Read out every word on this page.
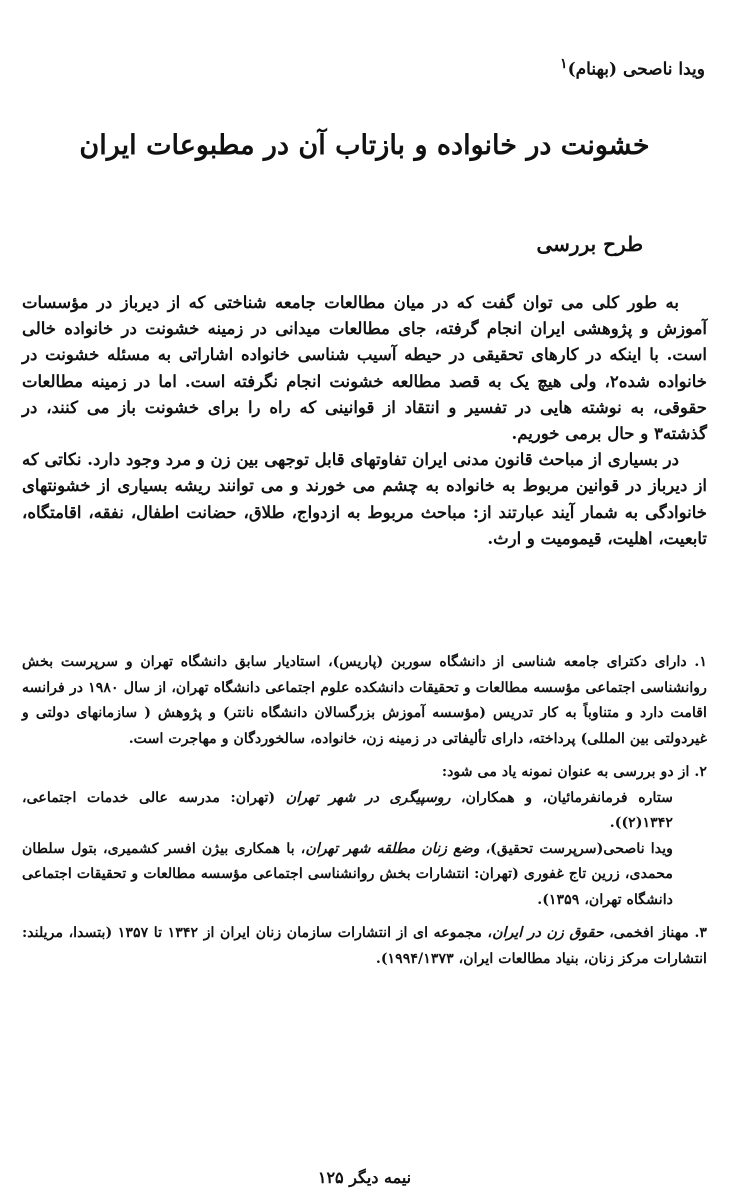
ویدا ناصحی (بهنام)$^۱$
خشونت در خانواده و بازتاب آن در مطبوعات ایران
طرح بررسی

به طور کلی می توان گفت که در میان مطالعات جامعه شناختی که از دیرباز در مؤسسات آموزش و پژوهشی ایران انجام گرفته، جای مطالعات میدانی در زمینه خشونت در خانواده خالی است. با اینکه در کارهای تحقیقی در حیطه آسیب شناسی خانواده اشاراتی به مسئله خشونت در خانواده شده۲، ولی هیچ یک به قصد مطالعه خشونت انجام نگرفته است. اما در زمینه مطالعات حقوقی، به نوشته هایی در تفسیر و انتقاد از قوانینی که راه را برای خشونت باز می کنند، در گذشته۳ و حال برمی خوریم.

در بسیاری از مباحث قانون مدنی ایران تفاوتهای قابل توجهی بین زن و مرد وجود دارد. نکاتی که از دیرباز در قوانین مربوط به خانواده به چشم می خورند و می توانند ریشه بسیاری از خشونتهای خانوادگی به شمار آیند عبارتند از: مباحث مربوط به ازدواج، طلاق، حضانت اطفال، نفقه، اقامتگاه، تابعیت، اهلیت، قیمومیت و ارث.

۱. دارای دکترای جامعه شناسی از دانشگاه سوربن (پاریس)، استادیار سابق دانشگاه تهران و سرپرست بخش روانشناسی اجتماعی مؤسسه مطالعات و تحقیقات دانشکده علوم اجتماعی دانشگاه تهران، از سال ۱۹۸۰ در فرانسه اقامت دارد و متناوباً به کار تدریس (مؤسسه آموزش بزرگسالان دانشگاه نانتر) و پژوهش ( سازمانهای دولتی و غیردولتی بین المللی) پرداخته، دارای تألیفاتی در زمینه زن، خانواده، سالخوردگان و مهاجرت است.
۲. از دو بررسی به عنوان نمونه یاد می شود:

ستاره فرمانفرمائیان، و همکاران، روسپیگری در شهر تهران (تهران: مدرسه عالی خدمات اجتماعی، ۱۳۴۲(۲)).

ویدا ناصحی(سرپرست تحقیق)، وضع زنان مطلقه شهر تهران، با همکاری بیژن افسر کشمیری، بتول سلطان محمدی، زرین تاج غفوری (تهران: انتشارات بخش روانشناسی اجتماعی مؤسسه مطالعات و تحقیقات اجتماعی دانشگاه تهران، ۱۳۵۹).

۳. مهناز افخمی، حقوق زن در ایران، مجموعه ای از انتشارات سازمان زنان ایران از ۱۳۴۲ تا ۱۳۵۷ (بتسدا، مریلند: انتشارات مرکز زنان، بنیاد مطالعات ایران، ۱۹۹۴/۱۳۷۳).
نیمه دیگر ۱۲۵
